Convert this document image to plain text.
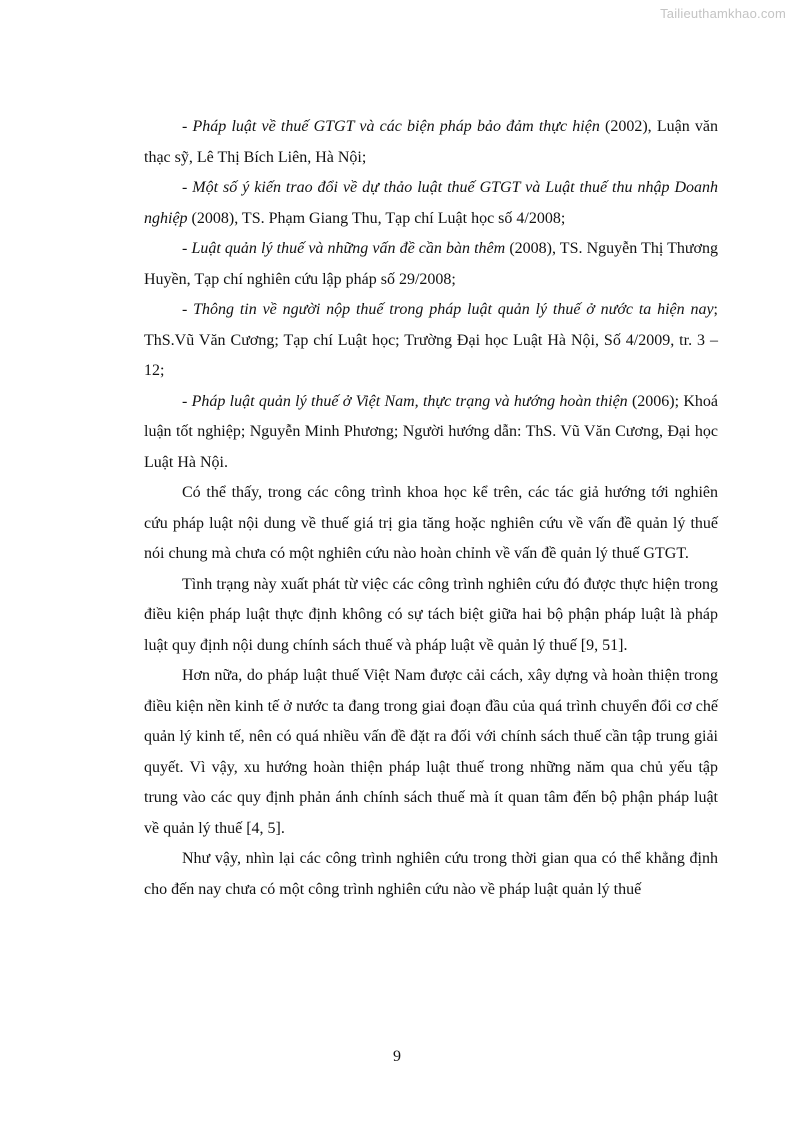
Tailieuthamkhao.com

- Pháp luật về thuế GTGT và các biện pháp bảo đảm thực hiện (2002), Luận văn thạc sỹ, Lê Thị Bích Liên, Hà Nội;

- Một số ý kiến trao đổi về dự thảo luật thuế GTGT và Luật thuế thu nhập Doanh nghiệp (2008), TS. Phạm Giang Thu, Tạp chí Luật học số 4/2008;

- Luật quản lý thuế và những vấn đề cần bàn thêm (2008), TS. Nguyễn Thị Thương Huyền, Tạp chí nghiên cứu lập pháp số 29/2008;

- Thông tin về người nộp thuế trong pháp luật quản lý thuế ở nước ta hiện nay; ThS.Vũ Văn Cương; Tạp chí Luật học; Trường Đại học Luật Hà Nội, Số 4/2009, tr. 3 – 12;

- Pháp luật quản lý thuế ở Việt Nam, thực trạng và hướng hoàn thiện (2006); Khoá luận tốt nghiệp; Nguyễn Minh Phương; Người hướng dẫn: ThS. Vũ Văn Cương, Đại học Luật Hà Nội.

Có thể thấy, trong các công trình khoa học kể trên, các tác giả hướng tới nghiên cứu pháp luật nội dung về thuế giá trị gia tăng hoặc nghiên cứu về vấn đề quản lý thuế nói chung mà chưa có một nghiên cứu nào hoàn chỉnh về vấn đề quản lý thuế GTGT.

Tình trạng này xuất phát từ việc các công trình nghiên cứu đó được thực hiện trong điều kiện pháp luật thực định không có sự tách biệt giữa hai bộ phận pháp luật là pháp luật quy định nội dung chính sách thuế và pháp luật về quản lý thuế [9, 51].

Hơn nữa, do pháp luật thuế Việt Nam được cải cách, xây dựng và hoàn thiện trong điều kiện nền kinh tế ở nước ta đang trong giai đoạn đầu của quá trình chuyển đổi cơ chế quản lý kinh tế, nên có quá nhiều vấn đề đặt ra đối với chính sách thuế cần tập trung giải quyết. Vì vậy, xu hướng hoàn thiện pháp luật thuế trong những năm qua chủ yếu tập trung vào các quy định phản ánh chính sách thuế mà ít quan tâm đến bộ phận pháp luật về quản lý thuế [4, 5].

Như vậy, nhìn lại các công trình nghiên cứu trong thời gian qua có thể khẳng định cho đến nay chưa có một công trình nghiên cứu nào về pháp luật quản lý thuế

9
